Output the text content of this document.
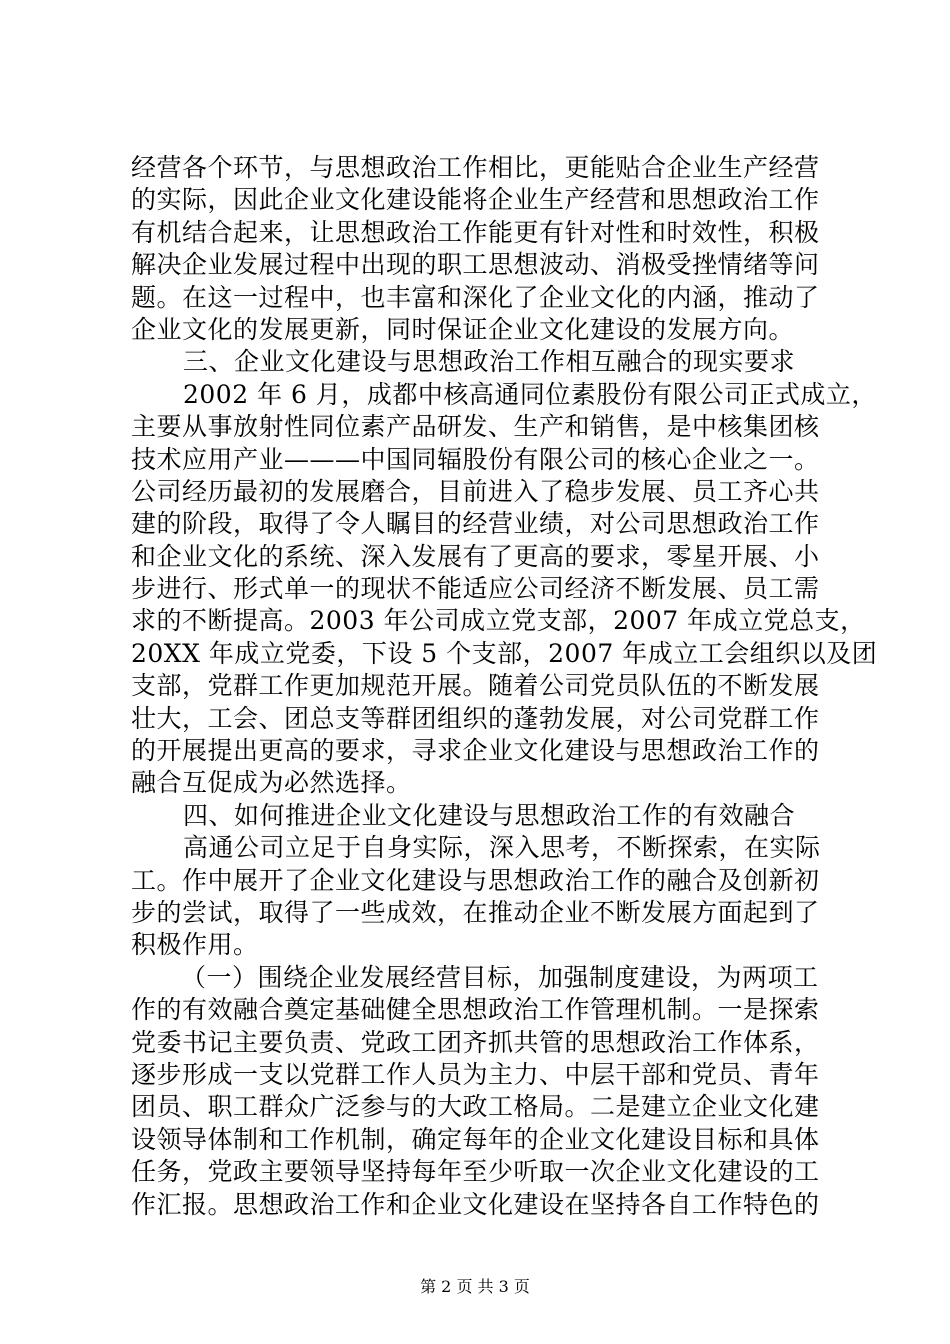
经营各个环节，与思想政治工作相比，更能贴合企业生产经营
的实际，因此企业文化建设能将企业生产经营和思想政治工作
有机结合起来，让思想政治工作能更有针对性和时效性，积极
解决企业发展过程中出现的职工思想波动、消极受挫情绪等问
题。在这一过程中，也丰富和深化了企业文化的内涵，推动了
企业文化的发展更新，同时保证企业文化建设的发展方向。
三、企业文化建设与思想政治工作相互融合的现实要求
2002 年 6 月，成都中核高通同位素股份有限公司正式成立，
主要从事放射性同位素产品研发、生产和销售，是中核集团核
技术应用产业———中国同辐股份有限公司的核心企业之一。
公司经历最初的发展磨合，目前进入了稳步发展、员工齐心共
建的阶段，取得了令人瞩目的经营业绩，对公司思想政治工作
和企业文化的系统、深入发展有了更高的要求，零星开展、小
步进行、形式单一的现状不能适应公司经济不断发展、员工需
求的不断提高。2003 年公司成立党支部，2007 年成立党总支，
20XX 年成立党委，下设 5 个支部，2007 年成立工会组织以及团
支部，党群工作更加规范开展。随着公司党员队伍的不断发展
壮大，工会、团总支等群团组织的蓬勃发展，对公司党群工作
的开展提出更高的要求，寻求企业文化建设与思想政治工作的
融合互促成为必然选择。
四、如何推进企业文化建设与思想政治工作的有效融合
高通公司立足于自身实际，深入思考，不断探索，在实际
工。作中展开了企业文化建设与思想政治工作的融合及创新初
步的尝试，取得了一些成效，在推动企业不断发展方面起到了
积极作用。
（一）围绕企业发展经营目标，加强制度建设，为两项工
作的有效融合奠定基础健全思想政治工作管理机制。一是探索
党委书记主要负责、党政工团齐抓共管的思想政治工作体系，
逐步形成一支以党群工作人员为主力、中层干部和党员、青年
团员、职工群众广泛参与的大政工格局。二是建立企业文化建
设领导体制和工作机制，确定每年的企业文化建设目标和具体
任务，党政主要领导坚持每年至少听取一次企业文化建设的工
作汇报。思想政治工作和企业文化建设在坚持各自工作特色的
第 2 页 共 3 页
